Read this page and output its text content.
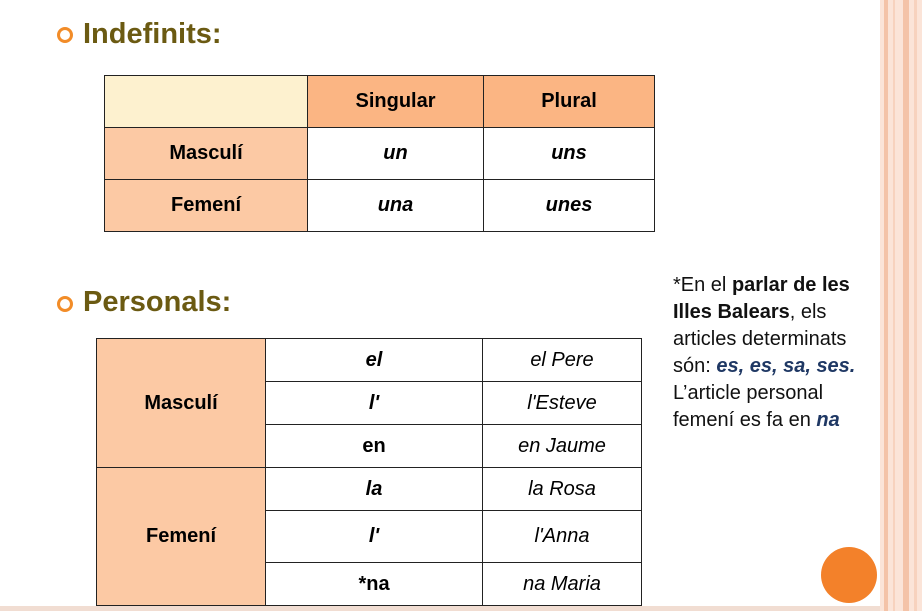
Indefinits:
	Singular	Plural
Masculí	un	uns
Femení	una	unes
Personals:
Masculí	el	el Pere
	l'	l'Esteve
	en	en Jaume
Femení	la	la Rosa
	l'	l'Anna
	*na	na Maria
*En el parlar de les Illes Balears, els articles determinats són: es, es, sa, ses. L’article personal femení es fa en na
